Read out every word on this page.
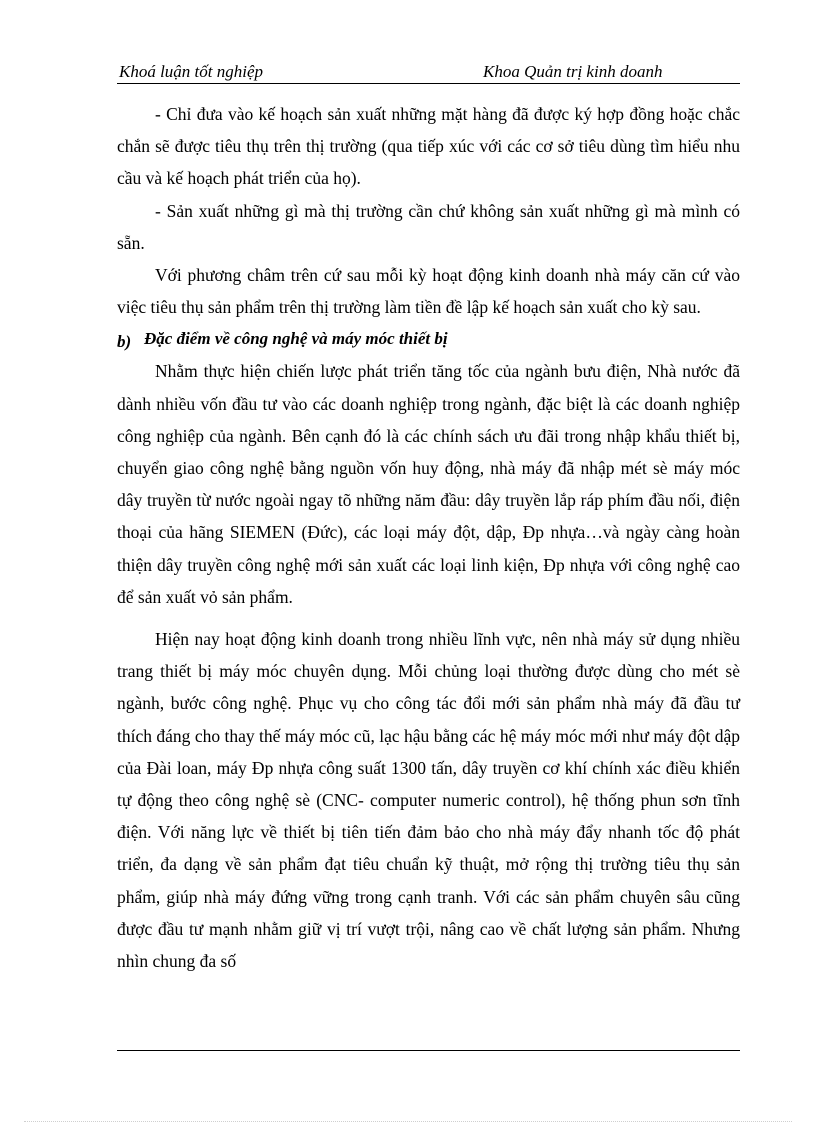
Khoá luận tốt nghiệp	Khoa Quản trị kinh doanh

- Chỉ đưa vào kế hoạch sản xuất những mặt hàng đã được ký hợp đồng hoặc chắc chắn sẽ được tiêu thụ trên thị trường (qua tiếp xúc với các cơ sở tiêu dùng tìm hiểu nhu cầu và kế hoạch phát triển của họ).

- Sản xuất những gì mà thị trường cần chứ không sản xuất những gì mà mình có sẵn.

Với phương châm trên cứ sau mỗi kỳ hoạt động kinh doanh nhà máy căn cứ vào việc tiêu thụ sản phẩm trên thị trường làm tiền đề lập kế hoạch sản xuất cho kỳ sau.

b) Đặc điểm về công nghệ và máy móc thiết bị

Nhằm thực hiện chiến lược phát triển tăng tốc của ngành bưu điện, Nhà nước đã dành nhiều vốn đầu tư vào các doanh nghiệp trong ngành, đặc biệt là các doanh nghiệp công nghiệp của ngành. Bên cạnh đó là các chính sách ưu đãi trong nhập khẩu thiết bị, chuyển giao công nghệ bằng nguồn vốn huy động, nhà máy đã nhập mét sè máy móc dây truyền từ nước ngoài ngay tõ những năm đầu: dây truyền lắp ráp phím đầu nối, điện thoại của hãng SIEMEN (Đức), các loại máy đột, dập, Ðp nhựa…và ngày càng hoàn thiện dây truyền công nghệ mới sản xuất các loại linh kiện, Ðp nhựa với công nghệ cao để sản xuất vỏ sản phẩm.

Hiện nay hoạt động kinh doanh trong nhiều lĩnh vực, nên nhà máy sử dụng nhiều trang thiết bị máy móc chuyên dụng. Mỗi chủng loại thường được dùng cho mét sè ngành, bước công nghệ. Phục vụ cho công tác đổi mới sản phẩm nhà máy đã đầu tư thích đáng cho thay thế máy móc cũ, lạc hậu bằng các hệ máy móc mới như máy đột dập của Đài loan, máy Ðp nhựa công suất 1300 tấn, dây truyền cơ khí chính xác điều khiển tự động theo công nghệ sè (CNC- computer numeric control), hệ thống phun sơn tĩnh điện. Với năng lực về thiết bị tiên tiến đảm bảo cho nhà máy đẩy nhanh tốc độ phát triển, đa dạng về sản phẩm đạt tiêu chuẩn kỹ thuật, mở rộng thị trường tiêu thụ sản phẩm, giúp nhà máy đứng vững trong cạnh tranh. Với các sản phẩm chuyên sâu cũng được đầu tư mạnh nhằm giữ vị trí vượt trội, nâng cao về chất lượng sản phẩm. Nhưng nhìn chung đa số
